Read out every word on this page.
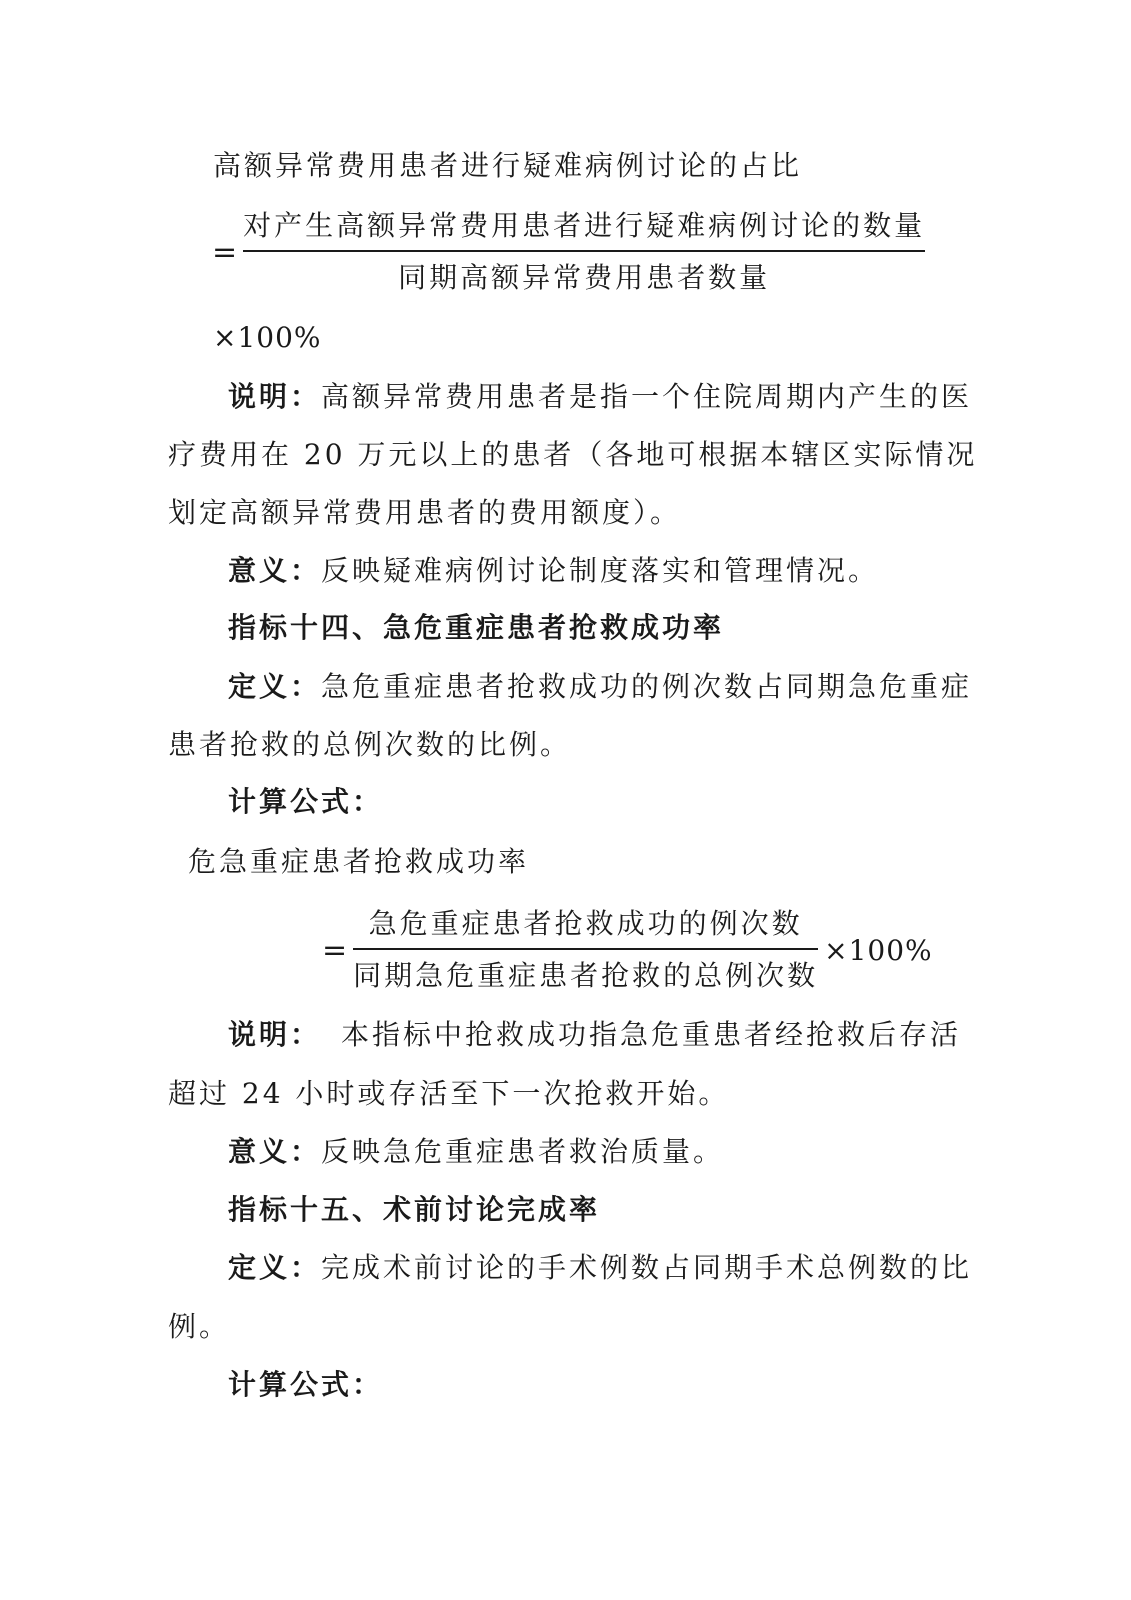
高额异常费用患者进行疑难病例讨论的占比
= $\frac{\text{对产生高额异常费用患者进行疑难病例讨论的数量}}{\text{同期高额异常费用患者数量}}$
×100%
说明：高额异常费用患者是指一个住院周期内产生的医
疗费用在 20 万元以上的患者（各地可根据本辖区实际情况
划定高额异常费用患者的费用额度）。
意义：反映疑难病例讨论制度落实和管理情况。
指标十四、急危重症患者抢救成功率
定义：急危重症患者抢救成功的例次数占同期急危重症
患者抢救的总例次数的比例。
计算公式：
危急重症患者抢救成功率
= $\frac{\text{急危重症患者抢救成功的例次数}}{\text{同期急危重症患者抢救的总例次数}} \times 100\%$
说明： 本指标中抢救成功指急危重患者经抢救后存活
超过 24 小时或存活至下一次抢救开始。
意义：反映急危重症患者救治质量。
指标十五、术前讨论完成率
定义：完成术前讨论的手术例数占同期手术总例数的比
例。
计算公式：
